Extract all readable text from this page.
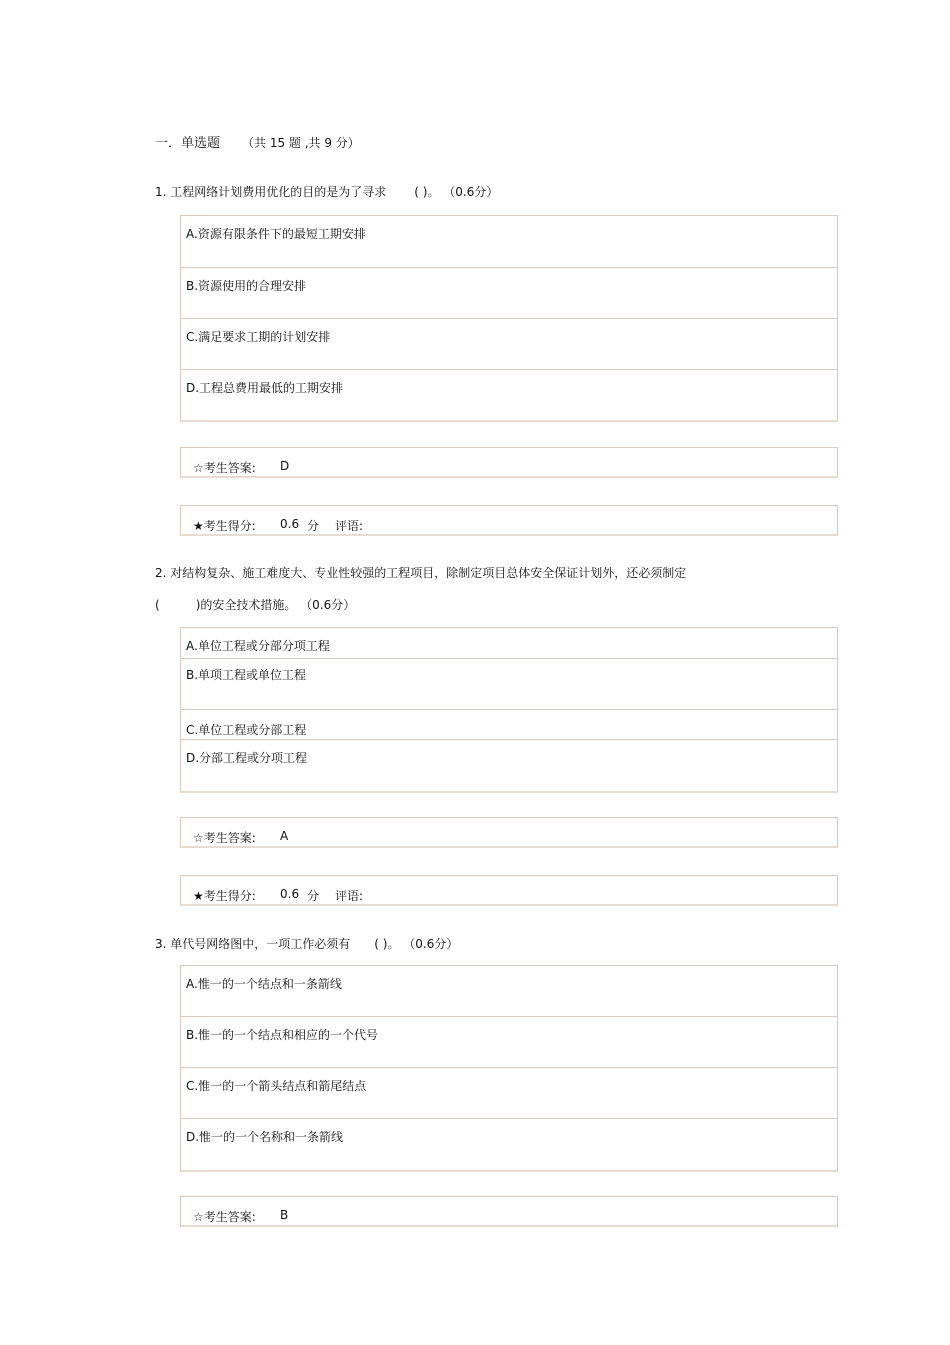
一．单选题 （共 15 题 ,共 9 分）
1. 工程网络计划费用优化的目的是为了寻求 ( )。 （0.6分）
A.资源有限条件下的最短工期安排
B.资源使用的合理安排
C.满足要求工期的计划安排
D.工程总费用最低的工期安排
☆考生答案: D
★考生得分: 0.6 分 评语:
2. 对结构复杂、施工难度大、专业性较强的工程项目，除制定项目总体安全保证计划外，还必须制定
(	)的安全技术措施。 （0.6分）
A.单位工程或分部分项工程
B.单项工程或单位工程
C.单位工程或分部工程
D.分部工程或分项工程
☆考生答案: A
★考生得分: 0.6 分 评语:
3. 单代号网络图中，一项工作必须有 ( )。 （0.6分）
A.惟一的一个结点和一条箭线
B.惟一的一个结点和相应的一个代号
C.惟一的一个箭头结点和箭尾结点
D.惟一的一个名称和一条箭线
☆考生答案: B
